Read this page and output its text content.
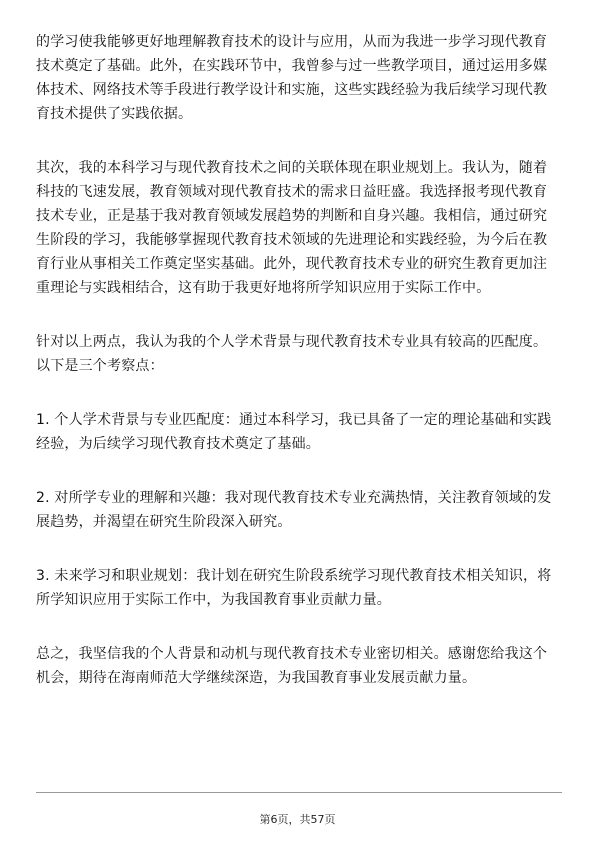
的学习使我能够更好地理解教育技术的设计与应用，从而为我进一步学习现代教育
技术奠定了基础。此外，在实践环节中，我曾参与过一些教学项目，通过运用多媒
体技术、网络技术等手段进行教学设计和实施，这些实践经验为我后续学习现代教
育技术提供了实践依据。

其次，我的本科学习与现代教育技术之间的关联体现在职业规划上。我认为，随着
科技的飞速发展，教育领域对现代教育技术的需求日益旺盛。我选择报考现代教育
技术专业，正是基于我对教育领域发展趋势的判断和自身兴趣。我相信，通过研究
生阶段的学习，我能够掌握现代教育技术领域的先进理论和实践经验，为今后在教
育行业从事相关工作奠定坚实基础。此外，现代教育技术专业的研究生教育更加注
重理论与实践相结合，这有助于我更好地将所学知识应用于实际工作中。

针对以上两点，我认为我的个人学术背景与现代教育技术专业具有较高的匹配度。
以下是三个考察点：

1. 个人学术背景与专业匹配度：通过本科学习，我已具备了一定的理论基础和实践
经验，为后续学习现代教育技术奠定了基础。

2. 对所学专业的理解和兴趣：我对现代教育技术专业充满热情，关注教育领域的发
展趋势，并渴望在研究生阶段深入研究。

3. 未来学习和职业规划：我计划在研究生阶段系统学习现代教育技术相关知识，将
所学知识应用于实际工作中，为我国教育事业贡献力量。

总之，我坚信我的个人背景和动机与现代教育技术专业密切相关。感谢您给我这个
机会，期待在海南师范大学继续深造，为我国教育事业发展贡献力量。

第6页，共57页
